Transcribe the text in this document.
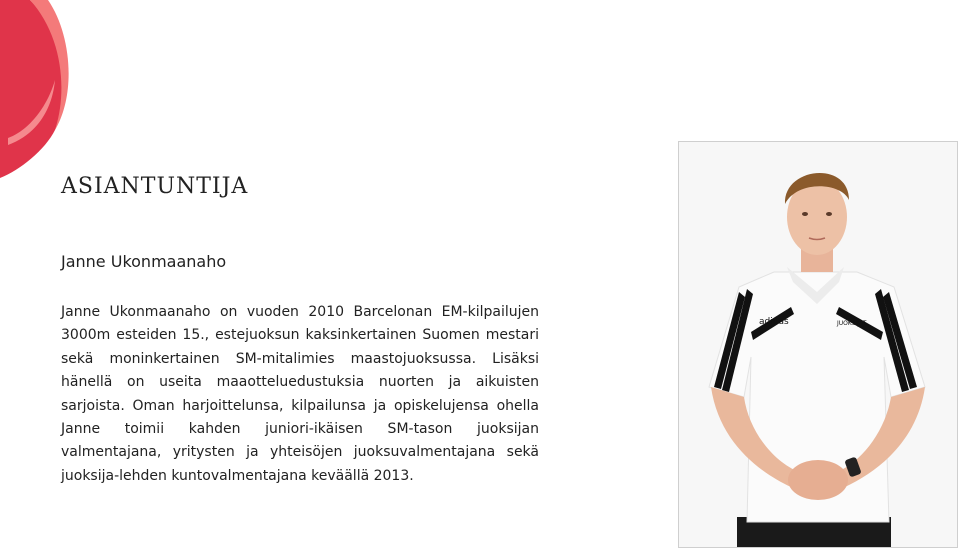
ASIANTUNTIJA
Janne Ukonmaanaho

Janne Ukonmaanaho on vuoden 2010 Barcelonan EM-kilpailujen 3000m esteiden 15., estejuoksun kaksinkertainen Suomen mestari sekä moninkertainen SM-mitalimies maastojuoksussa. Lisäksi hänellä on useita maaotteluedustuksia nuorten ja aikuisten sarjoista. Oman harjoittelunsa, kilpailunsa ja opiskelujensa ohella Janne toimii kahden juniori-ikäisen SM-tason juoksijan valmentajana, yritysten ja yhteisöjen juoksuvalmentajana sekä juoksija-lehden kuntovalmentajana keväällä 2013.

adidas	JUOKSIJAT
